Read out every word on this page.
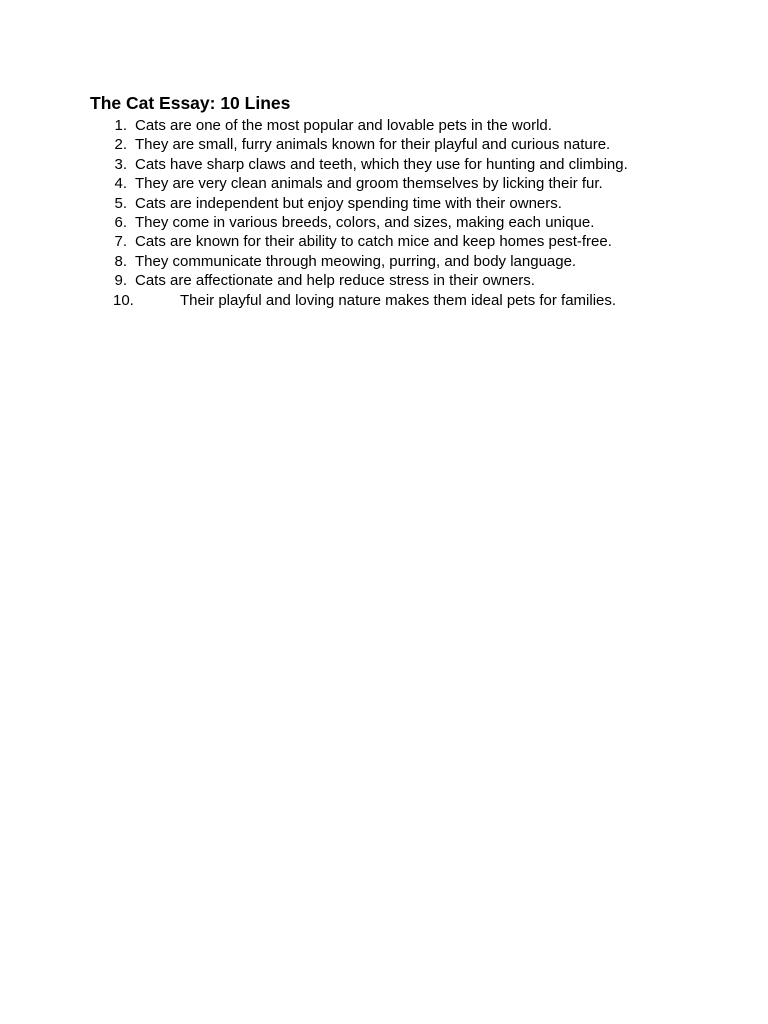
The Cat Essay: 10 Lines
1. Cats are one of the most popular and lovable pets in the world.
2. They are small, furry animals known for their playful and curious nature.
3. Cats have sharp claws and teeth, which they use for hunting and climbing.
4. They are very clean animals and groom themselves by licking their fur.
5. Cats are independent but enjoy spending time with their owners.
6. They come in various breeds, colors, and sizes, making each unique.
7. Cats are known for their ability to catch mice and keep homes pest-free.
8. They communicate through meowing, purring, and body language.
9. Cats are affectionate and help reduce stress in their owners.
10.	Their playful and loving nature makes them ideal pets for families.
